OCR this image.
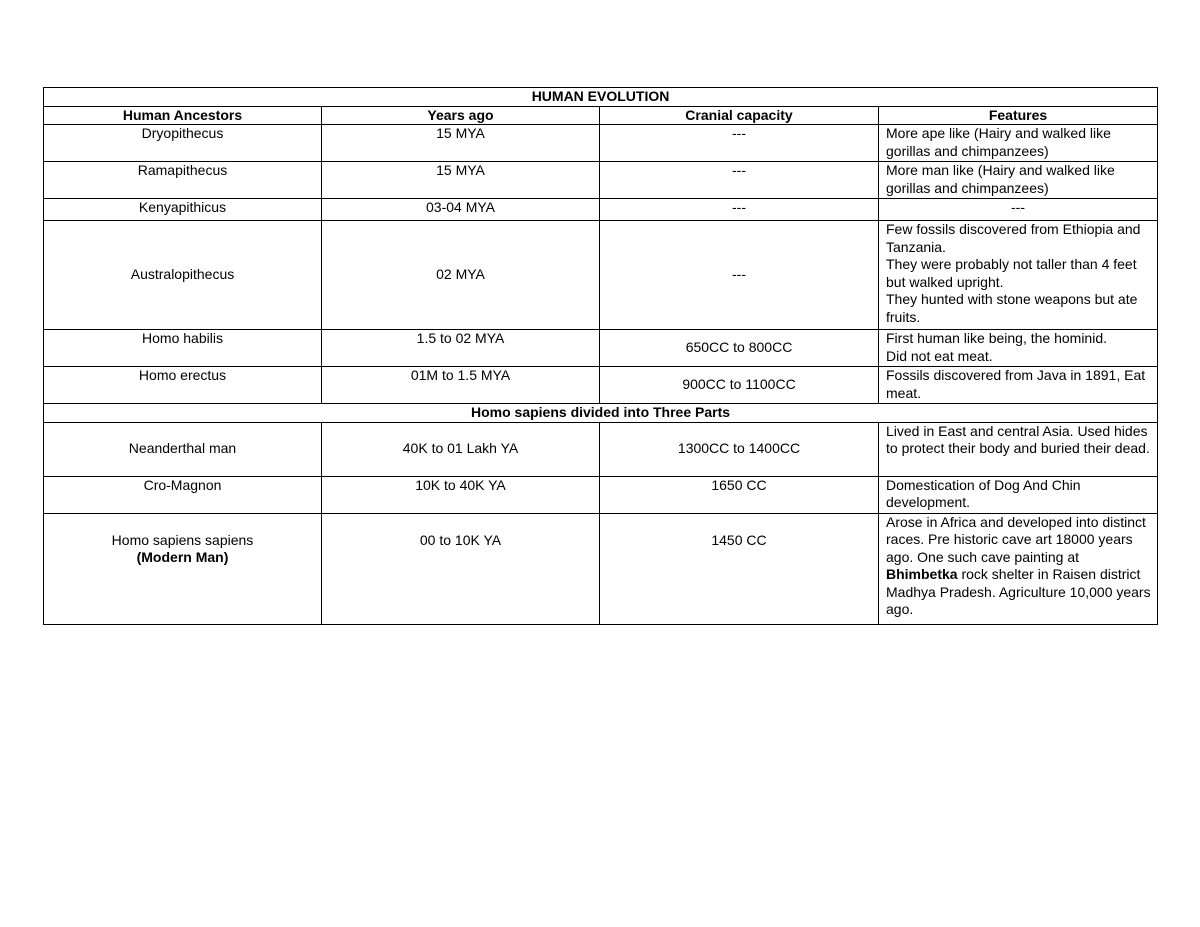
HUMAN EVOLUTION			
Human Ancestors	Years ago	Cranial capacity	Features
Dryopithecus	15 MYA	---	More ape like (Hairy and walked like gorillas and chimpanzees)

Ramapithecus	15 MYA	---	More man like (Hairy and walked like gorillas and chimpanzees)

Kenyapithicus	03-04 MYA	---	---
Australopithecus	02 MYA	---	Few fossils discovered from Ethiopia and Tanzania.
They were probably not taller than 4 feet but walked upright.
They hunted with stone weapons but ate fruits.

Homo habilis	1.5 to 02 MYA	650CC to 800CC	First human like being, the hominid.
Did not eat meat.

Homo erectus	01M to 1.5 MYA	900CC to 1100CC	Fossils discovered from Java in 1891, Eat meat.

Homo sapiens divided into Three Parts			
Neanderthal man	40K to 01 Lakh YA	1300CC to 1400CC	Lived in East and central Asia. Used hides to protect their body and buried their dead.
Cro-Magnon	10K to 40K YA	1650 CC	Domestication of Dog And Chin development.

Homo sapiens sapiens
(Modern Man)	00 to 10K YA	1450 CC	Arose in Africa and developed into distinct races. Pre historic cave art 18000 years ago. One such cave painting at Bhimbetka rock shelter in Raisen district Madhya Pradesh. Agriculture 10,000 years ago.
